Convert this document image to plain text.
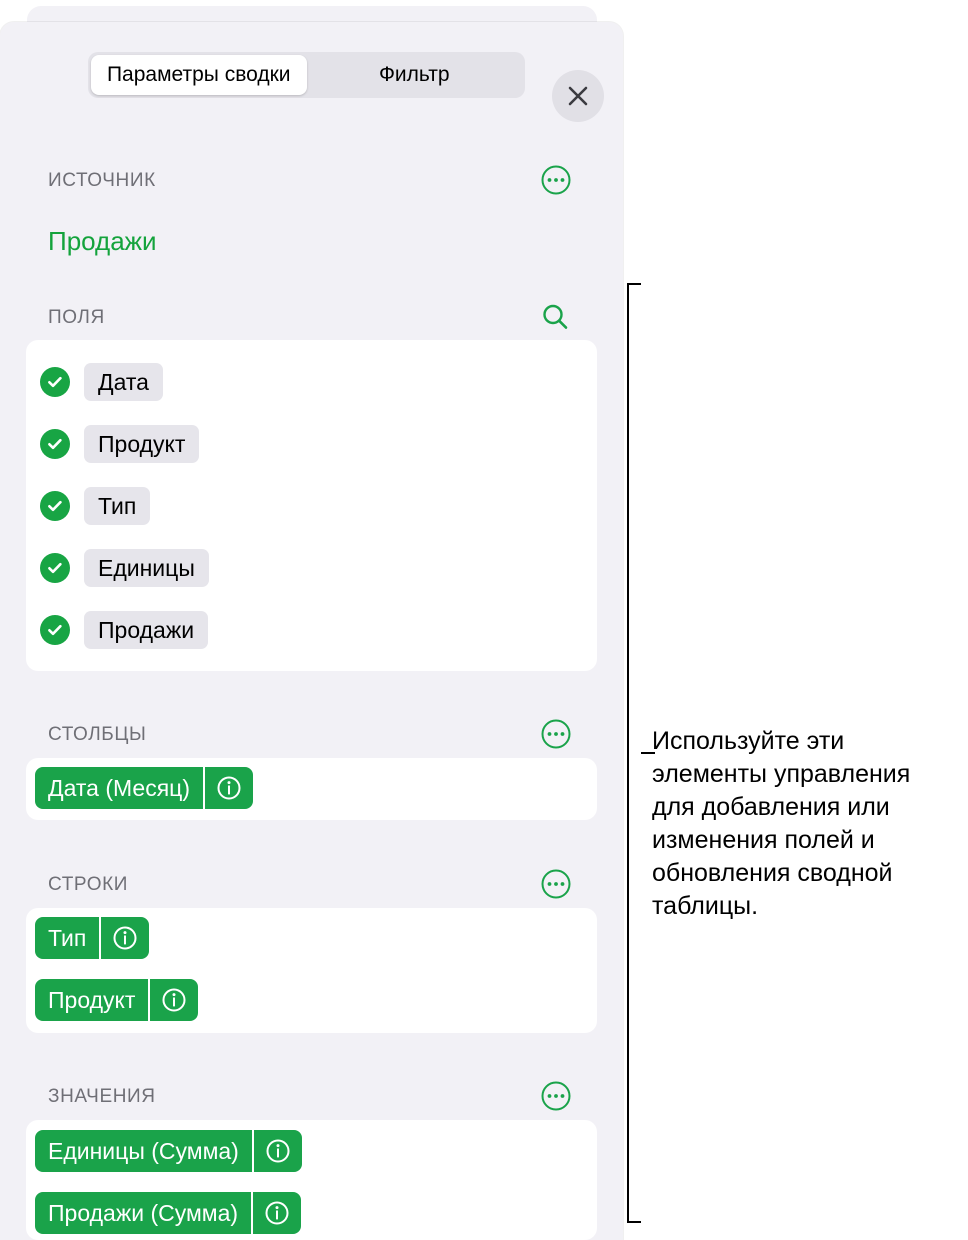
Параметры сводки	Фильтр
ИСТОЧНИК
Продажи
ПОЛЯ
Дата
Продукт
Тип
Единицы
Продажи
СТОЛБЦЫ
Дата (Месяц)
СТРОКИ
Тип
Продукт
ЗНАЧЕНИЯ
Единицы (Сумма)
Продажи (Сумма)
Используйте эти элементы управления для добавления или изменения полей и обновления сводной таблицы.
